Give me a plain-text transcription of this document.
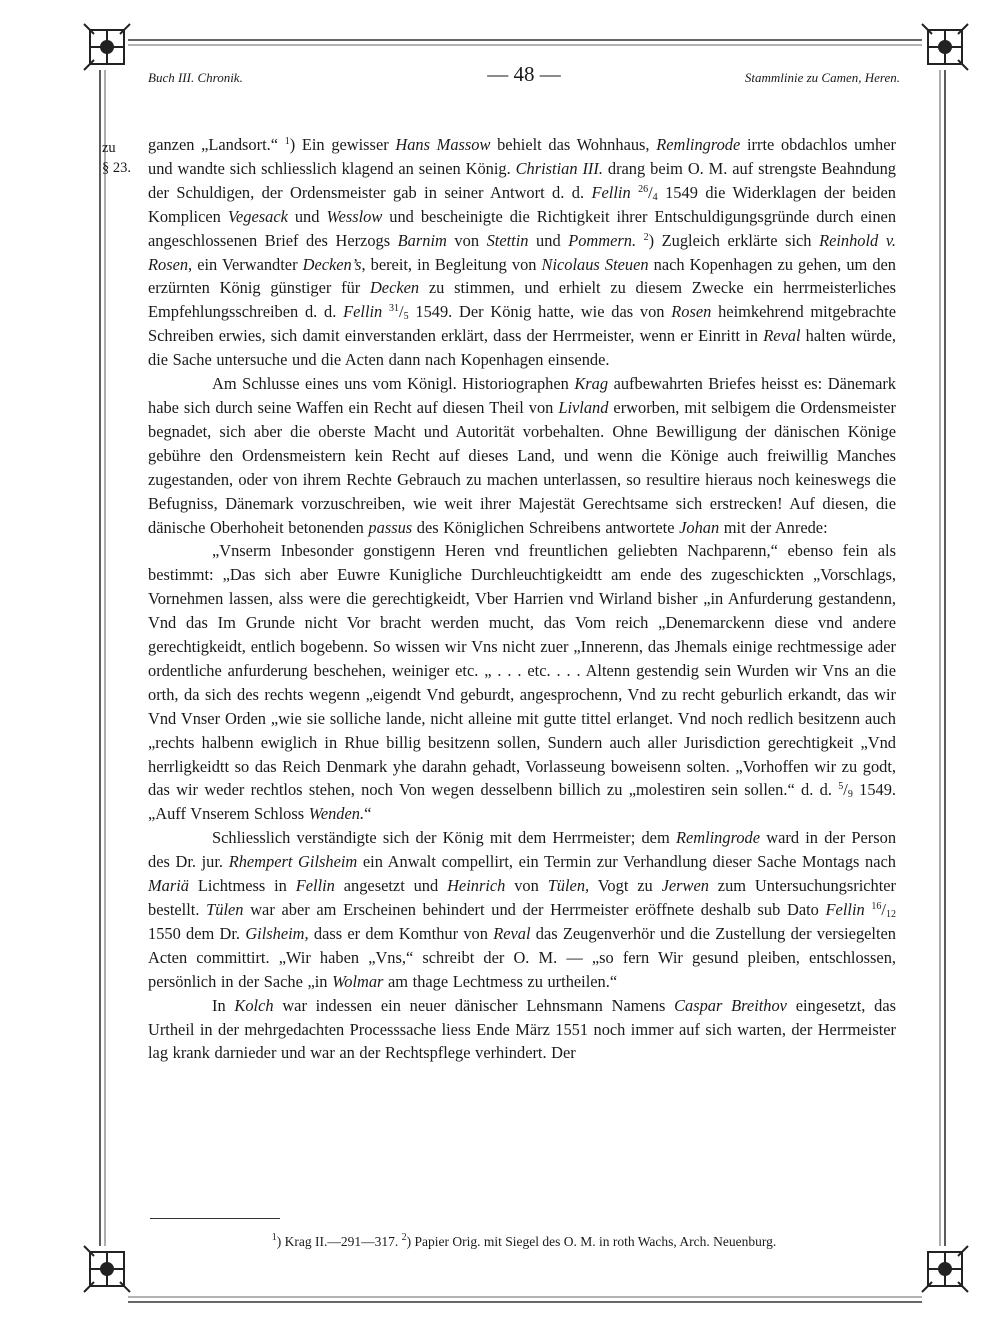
Buch III. Chronik.	— 48 —	Stammlinie zu Camen, Heren.
zu
§ 23.

ganzen „Landsort.“ $^1$) Ein gewisser Hans Massow behielt das Wohnhaus, Remlingrode irrte obdachlos umher und wandte sich schliesslich klagend an seinen König. Christian III. drang beim O. M. auf strengste Beahndung der Schuldigen, der Ordensmeister gab in seiner Antwort d. d. Fellin $^{26}/_4$ 1549 die Widerklagen der beiden Komplicen Vegesack und Wesslow und bescheinigte die Richtigkeit ihrer Entschuldigungsgründe durch einen angeschlossenen Brief des Herzogs Barnim von Stettin und Pommern. $^2$) Zugleich erklärte sich Reinhold v. Rosen, ein Verwandter Decken’s, bereit, in Begleitung von Nicolaus Steuen nach Kopenhagen zu gehen, um den erzürnten König günstiger für Decken zu stimmen, und erhielt zu diesem Zwecke ein herrmeisterliches Empfehlungsschreiben d. d. Fellin $^{31}/_5$ 1549. Der König hatte, wie das von Rosen heimkehrend mitgebrachte Schreiben erwies, sich damit einverstanden erklärt, dass der Herrmeister, wenn er Einritt in Reval halten würde, die Sache untersuche und die Acten dann nach Kopenhagen einsende.

Am Schlusse eines uns vom Königl. Historiographen Krag aufbewahrten Briefes heisst es: Dänemark habe sich durch seine Waffen ein Recht auf diesen Theil von Livland erworben, mit selbigem die Ordensmeister begnadet, sich aber die oberste Macht und Autorität vorbehalten. Ohne Bewilligung der dänischen Könige gebühre den Ordensmeistern kein Recht auf dieses Land, und wenn die Könige auch freiwillig Manches zugestanden, oder von ihrem Rechte Gebrauch zu machen unterlassen, so resultire hieraus noch keineswegs die Befugniss, Dänemark vorzuschreiben, wie weit ihrer Majestät Gerechtsame sich erstrecken! Auf diesen, die dänische Oberhoheit betonenden passus des Königlichen Schreibens antwortete Johan mit der Anrede:

„Vnserm Inbesonder gonstigenn Heren vnd freuntlichen geliebten Nachparenn,“ ebenso fein als bestimmt: „Das sich aber Euwre Kunigliche Durchleuchtigkeidtt am ende des zugeschickten „Vorschlags, Vornehmen lassen, alss were die gerechtigkeidt, Vber Harrien vnd Wirland bisher „in Anfurderung gestandenn, Vnd das Im Grunde nicht Vor bracht werden mucht, das Vom reich „Denemarckenn diese vnd andere gerechtigkeidt, entlich bogebenn. So wissen wir Vns nicht zuer „Innerenn, das Jhemals einige rechtmessige ader ordentliche anfurderung beschehen, weiniger etc. „ . . . etc. . . . Altenn gestendig sein Wurden wir Vns an die orth, da sich des rechts wegenn „eigendt Vnd geburdt, angesprochenn, Vnd zu recht geburlich erkandt, das wir Vnd Vnser Orden „wie sie solliche lande, nicht alleine mit gutte tittel erlanget. Vnd noch redlich besitzenn auch „rechts halbenn ewiglich in Rhue billig besitzenn sollen, Sundern auch aller Jurisdiction gerechtigkeit „Vnd herrligkeidtt so das Reich Denmark yhe darahn gehadt, Vorlasseung boweisenn solten. „Vorhoffen wir zu godt, das wir weder rechtlos stehen, noch Von wegen desselbenn billich zu „molestiren sein sollen.“ d. d. $^5/_9$ 1549. „Auff Vnserem Schloss Wenden.“

Schliesslich verständigte sich der König mit dem Herrmeister; dem Remlingrode ward in der Person des Dr. jur. Rhempert Gilsheim ein Anwalt compellirt, ein Termin zur Verhandlung dieser Sache Montags nach Mariä Lichtmess in Fellin angesetzt und Heinrich von Tülen, Vogt zu Jerwen zum Untersuchungsrichter bestellt. Tülen war aber am Erscheinen behindert und der Herrmeister eröffnete deshalb sub Dato Fellin $^{16}/_{12}$ 1550 dem Dr. Gilsheim, dass er dem Komthur von Reval das Zeugenverhör und die Zustellung der versiegelten Acten committirt. „Wir haben „Vns,“ schreibt der O. M. — „so fern Wir gesund pleiben, entschlossen, persönlich in der Sache „in Wolmar am thage Lechtmess zu urtheilen.“

In Kolch war indessen ein neuer dänischer Lehnsmann Namens Caspar Breithov eingesetzt, das Urtheil in der mehrgedachten Processsache liess Ende März 1551 noch immer auf sich warten, der Herrmeister lag krank darnieder und war an der Rechtspflege verhindert. Der

$^1$) Krag II.—291—317. $^2$) Papier Orig. mit Siegel des O. M. in roth Wachs, Arch. Neuenburg.
